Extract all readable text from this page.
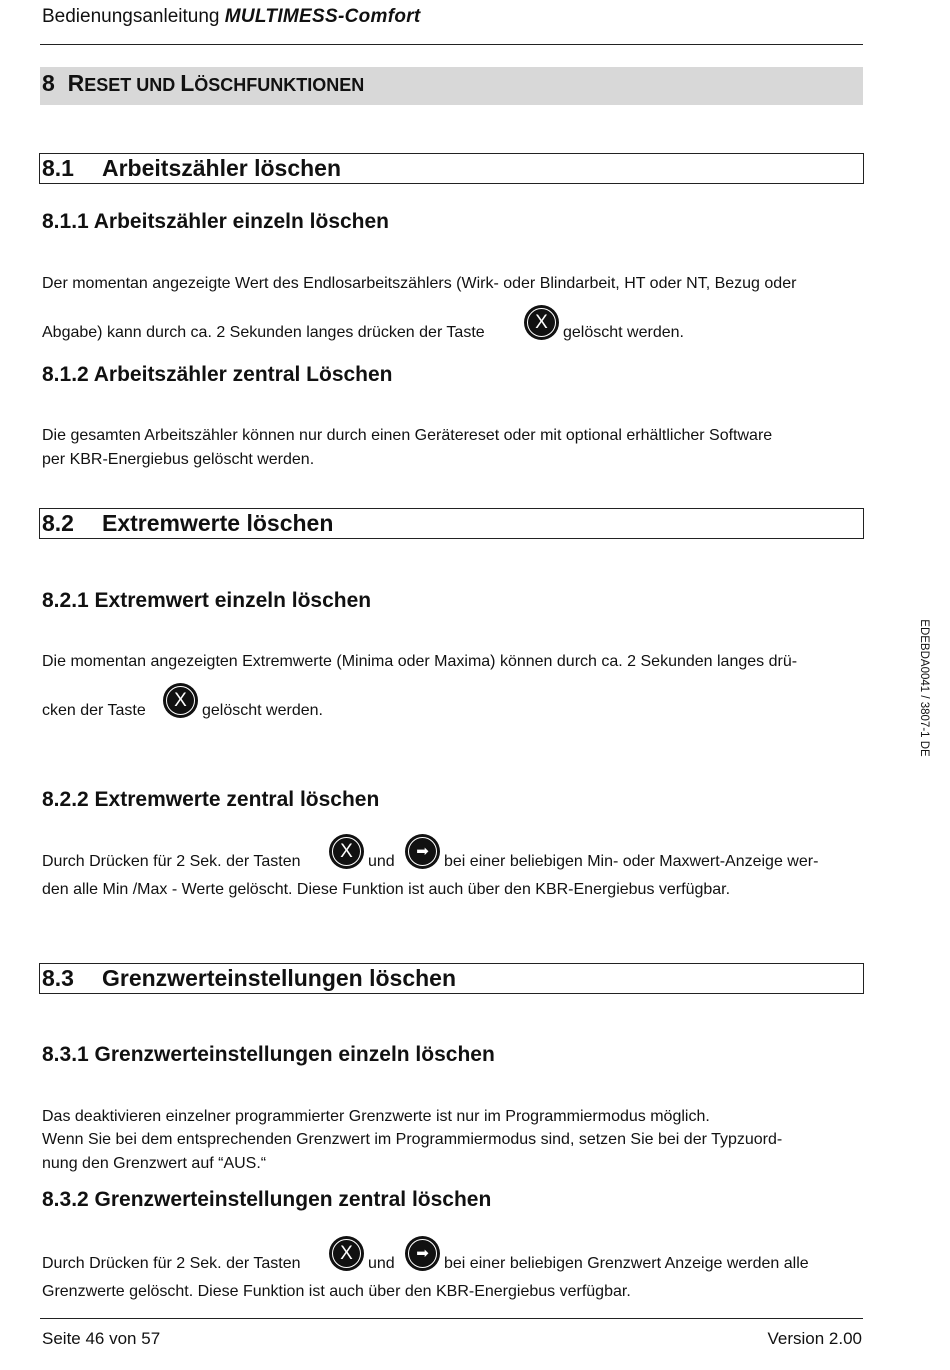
Bedienungsanleitung MULTIMESS-Comfort
8 RESET UND LÖSCHFUNKTIONEN
8.1 Arbeitszähler löschen
8.1.1 Arbeitszähler einzeln löschen
Der momentan angezeigte Wert des Endlosarbeitszählers (Wirk- oder Blindarbeit, HT oder NT, Bezug oder
Abgabe) kann durch ca. 2 Sekunden langes drücken der Taste	X gelöscht werden.
8.1.2 Arbeitszähler zentral Löschen
Die gesamten Arbeitszähler können nur durch einen Gerätereset oder mit optional erhältlicher Software
per KBR-Energiebus gelöscht werden.
8.2 Extremwerte löschen
8.2.1 Extremwert einzeln löschen
Die momentan angezeigten Extremwerte (Minima oder Maxima) können durch ca. 2 Sekunden langes drü-
cken der Taste	X gelöscht werden.
8.2.2 Extremwerte zentral löschen
Durch Drücken für 2 Sek. der Tasten	X und
➡
bei einer beliebigen Min- oder Maxwert-Anzeige wer-
den alle Min /Max - Werte gelöscht. Diese Funktion ist auch über den KBR-Energiebus verfügbar.
8.3 Grenzwerteinstellungen löschen
8.3.1 Grenzwerteinstellungen einzeln löschen
Das deaktivieren einzelner programmierter Grenzwerte ist nur im Programmiermodus möglich.
Wenn Sie bei dem entsprechenden Grenzwert im Programmiermodus sind, setzen Sie bei der Typzuord-
nung den Grenzwert auf “AUS.“
8.3.2 Grenzwerteinstellungen zentral löschen
Durch Drücken für 2 Sek. der Tasten	X und
➡
bei einer beliebigen Grenzwert Anzeige werden alle
Grenzwerte gelöscht. Diese Funktion ist auch über den KBR-Energiebus verfügbar.
EDEBDA0041 / 3807-1 DE
Seite 46 von 57	Version 2.00
